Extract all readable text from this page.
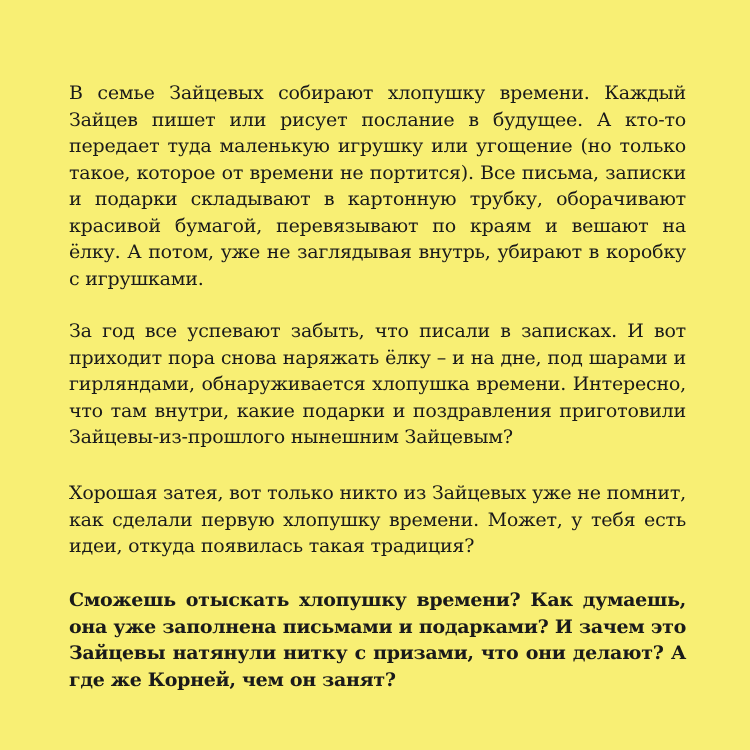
В семье Зайцевых собирают хлопушку времени. Каждый Зайцев пишет или рисует послание в будущее. А кто-то передает туда маленькую игрушку или угощение (но только такое, которое от времени не портится). Все письма, записки и подарки складывают в картонную трубку, оборачивают красивой бумагой, перевязывают по краям и вешают на ёлку. А потом, уже не заглядывая внутрь, убирают в коробку с игрушками.

За год все успевают забыть, что писали в записках. И вот приходит пора снова наряжать ёлку – и на дне, под шарами и гирляндами, обнаруживается хлопушка времени. Интересно, что там внутри, какие подарки и поздравления приготовили Зайцевы-из-прошлого нынешним Зайцевым?

Хорошая затея, вот только никто из Зайцевых уже не помнит, как сделали первую хлопушку времени. Может, у тебя есть идеи, откуда появилась такая традиция?

Сможешь отыскать хлопушку времени? Как думаешь, она уже заполнена письмами и подарками? И зачем это Зайцевы натянули нитку с призами, что они делают? А где же Корней, чем он занят?
